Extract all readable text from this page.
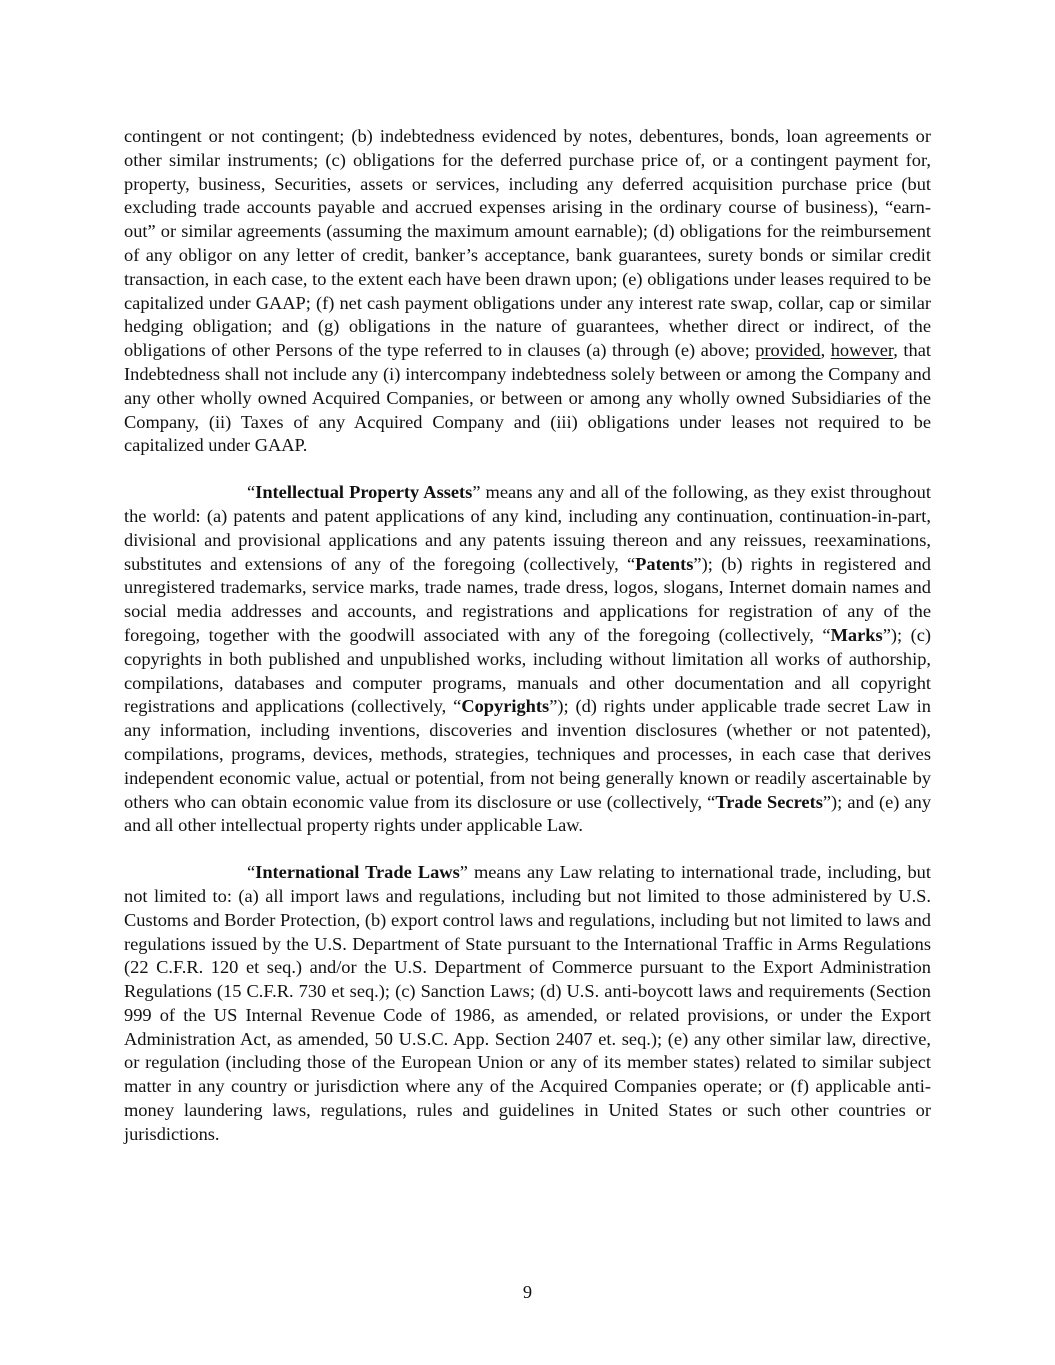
contingent or not contingent; (b) indebtedness evidenced by notes, debentures, bonds, loan agreements or other similar instruments; (c) obligations for the deferred purchase price of, or a contingent payment for, property, business, Securities, assets or services, including any deferred acquisition purchase price (but excluding trade accounts payable and accrued expenses arising in the ordinary course of business), “earn-out” or similar agreements (assuming the maximum amount earnable); (d) obligations for the reimbursement of any obligor on any letter of credit, banker’s acceptance, bank guarantees, surety bonds or similar credit transaction, in each case, to the extent each have been drawn upon; (e) obligations under leases required to be capitalized under GAAP; (f) net cash payment obligations under any interest rate swap, collar, cap or similar hedging obligation; and (g) obligations in the nature of guarantees, whether direct or indirect, of the obligations of other Persons of the type referred to in clauses (a) through (e) above; provided, however, that Indebtedness shall not include any (i) intercompany indebtedness solely between or among the Company and any other wholly owned Acquired Companies, or between or among any wholly owned Subsidiaries of the Company, (ii) Taxes of any Acquired Company and (iii) obligations under leases not required to be capitalized under GAAP.

“Intellectual Property Assets” means any and all of the following, as they exist throughout the world: (a) patents and patent applications of any kind, including any continuation, continuation-in-part, divisional and provisional applications and any patents issuing thereon and any reissues, reexaminations, substitutes and extensions of any of the foregoing (collectively, “Patents”); (b) rights in registered and unregistered trademarks, service marks, trade names, trade dress, logos, slogans, Internet domain names and social media addresses and accounts, and registrations and applications for registration of any of the foregoing, together with the goodwill associated with any of the foregoing (collectively, “Marks”); (c) copyrights in both published and unpublished works, including without limitation all works of authorship, compilations, databases and computer programs, manuals and other documentation and all copyright registrations and applications (collectively, “Copyrights”); (d) rights under applicable trade secret Law in any information, including inventions, discoveries and invention disclosures (whether or not patented), compilations, programs, devices, methods, strategies, techniques and processes, in each case that derives independent economic value, actual or potential, from not being generally known or readily ascertainable by others who can obtain economic value from its disclosure or use (collectively, “Trade Secrets”); and (e) any and all other intellectual property rights under applicable Law.

“International Trade Laws” means any Law relating to international trade, including, but not limited to: (a) all import laws and regulations, including but not limited to those administered by U.S. Customs and Border Protection, (b) export control laws and regulations, including but not limited to laws and regulations issued by the U.S. Department of State pursuant to the International Traffic in Arms Regulations (22 C.F.R. 120 et seq.) and/or the U.S. Department of Commerce pursuant to the Export Administration Regulations (15 C.F.R. 730 et seq.); (c) Sanction Laws; (d) U.S. anti-boycott laws and requirements (Section 999 of the US Internal Revenue Code of 1986, as amended, or related provisions, or under the Export Administration Act, as amended, 50 U.S.C. App. Section 2407 et. seq.); (e) any other similar law, directive, or regulation (including those of the European Union or any of its member states) related to similar subject matter in any country or jurisdiction where any of the Acquired Companies operate; or (f) applicable anti-money laundering laws, regulations, rules and guidelines in United States or such other countries or jurisdictions.

9
